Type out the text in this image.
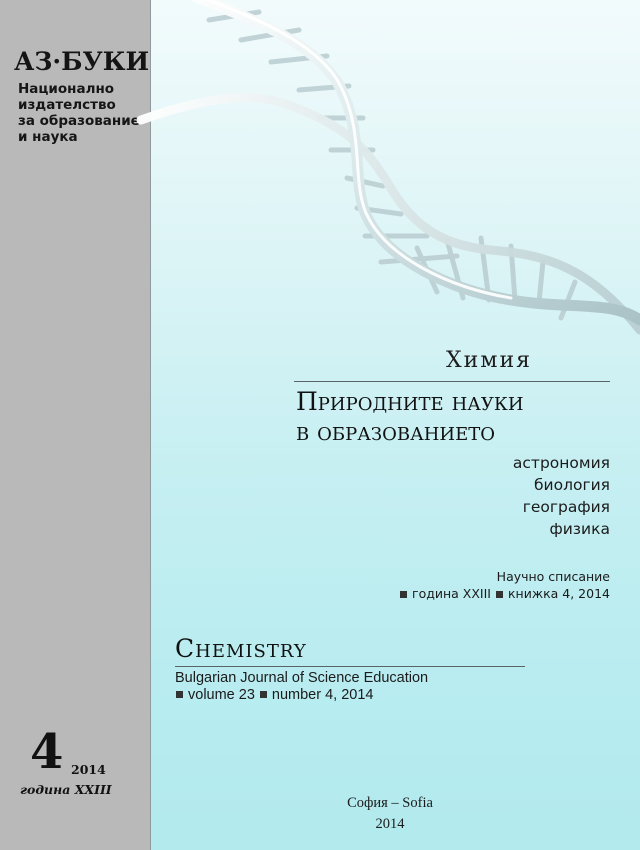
АЗ·БУКИ
Национално
издателство
за образование
и наука
4 2014
година XXIII
Химия
Природните науки
в образованието
астрономия
биология
география
физика
Научно списание
година XXIII книжка 4, 2014
Chemistry
Bulgarian Journal of Science Education
volume 23 number 4, 2014
София – Sofia
2014
